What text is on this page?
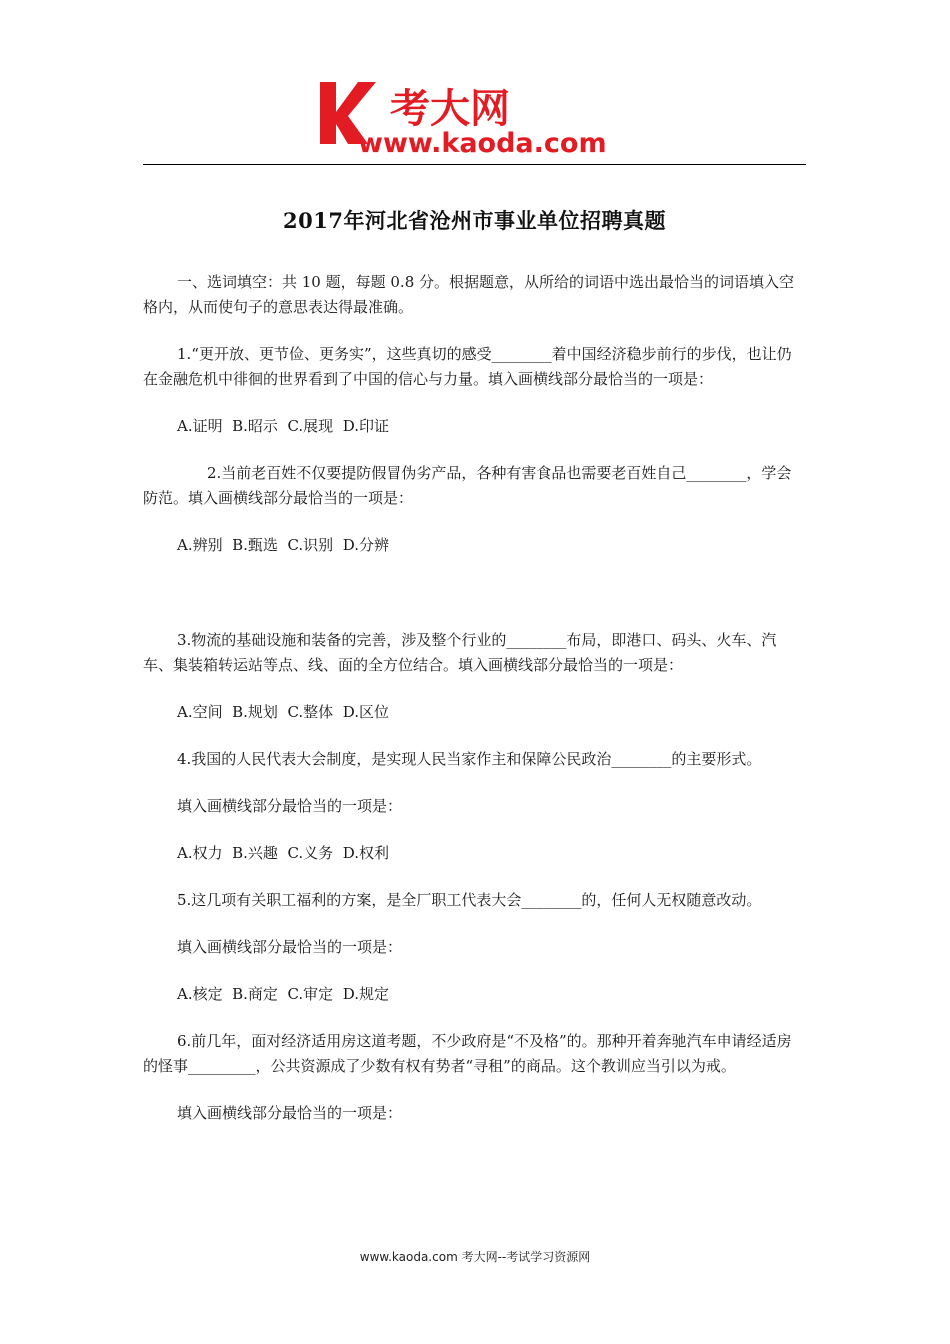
考大网
www.kaoda.com
2017年河北省沧州市事业单位招聘真题

一、选词填空：共 10 题，每题 0.8 分。根据题意，从所给的词语中选出最恰当的词语填入空格内，从而使句子的意思表达得最准确。

1.“更开放、更节俭、更务实”，这些真切的感受________着中国经济稳步前行的步伐，也让仍在金融危机中徘徊的世界看到了中国的信心与力量。填入画横线部分最恰当的一项是：

A.证明  B.昭示  C.展现  D.印证

2.当前老百姓不仅要提防假冒伪劣产品，各种有害食品也需要老百姓自己________，学会防范。填入画横线部分最恰当的一项是：

A.辨别  B.甄选  C.识别  D.分辨

3.物流的基础设施和装备的完善，涉及整个行业的________布局，即港口、码头、火车、汽车、集装箱转运站等点、线、面的全方位结合。填入画横线部分最恰当的一项是：

A.空间  B.规划  C.整体  D.区位

4.我国的人民代表大会制度，是实现人民当家作主和保障公民政治________的主要形式。

填入画横线部分最恰当的一项是：

A.权力  B.兴趣  C.义务  D.权利

5.这几项有关职工福利的方案，是全厂职工代表大会________的，任何人无权随意改动。

填入画横线部分最恰当的一项是：

A.核定  B.商定  C.审定  D.规定

6.前几年，面对经济适用房这道考题，不少政府是“不及格”的。那种开着奔驰汽车申请经适房的怪事_________，公共资源成了少数有权有势者“寻租”的商品。这个教训应当引以为戒。

填入画横线部分最恰当的一项是：

www.kaoda.com 考大网--考试学习资源网
